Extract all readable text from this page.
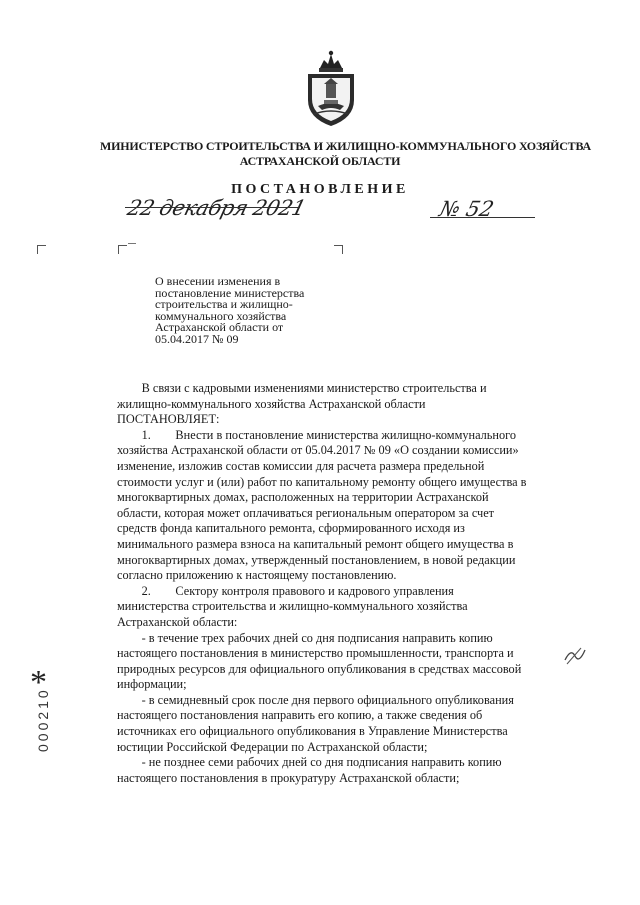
МИНИСТЕРСТВО СТРОИТЕЛЬСТВА И ЖИЛИЩНО-КОММУНАЛЬНОГО ХОЗЯЙСТВА
АСТРАХАНСКОЙ ОБЛАСТИ
ПОСТАНОВЛЕНИЕ
22 декабря 2021	№ 52
О внесении изменения в
постановление министерства
строительства и жилищно-
коммунального хозяйства
Астраханской области от
05.04.2017 № 09
В связи с кадровыми изменениями министерство строительства и
жилищно-коммунального хозяйства Астраханской области
ПОСТАНОВЛЯЕТ:
1.        Внести в постановление министерства жилищно-коммунального
хозяйства Астраханской области от 05.04.2017 № 09 «О создании комиссии»
изменение, изложив состав комиссии для расчета размера предельной
стоимости услуг и (или) работ по капитальному ремонту общего имущества в
многоквартирных домах, расположенных на территории Астраханской
области, которая может оплачиваться региональным оператором за счет
средств фонда капитального ремонта, сформированного исходя из
минимального размера взноса на капитальный ремонт общего имущества в
многоквартирных домах, утвержденный постановлением, в новой редакции
согласно приложению к настоящему постановлению.
2.        Сектору контроля правового и кадрового управления
министерства строительства и жилищно-коммунального хозяйства
Астраханской области:
- в течение трех рабочих дней со дня подписания направить копию
настоящего постановления в министерство промышленности, транспорта и
природных ресурсов для официального опубликования в средствах массовой
информации;
- в семидневный срок после дня первого официального опубликования
настоящего постановления направить его копию, а также сведения об
источниках его официального опубликования в Управление Министерства
юстиции Российской Федерации по Астраханской области;
- не позднее семи рабочих дней со дня подписания направить копию
настоящего постановления в прокуратуру Астраханской области;
*
000210
